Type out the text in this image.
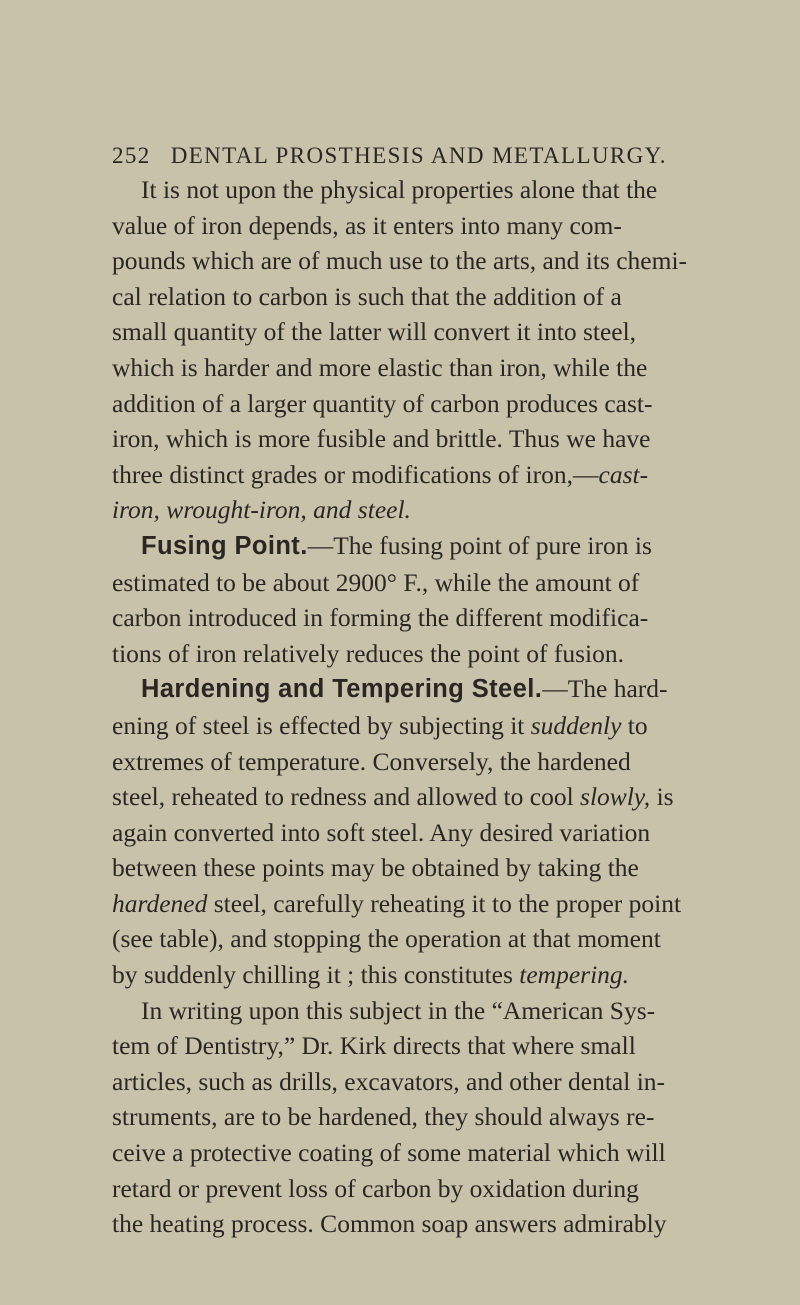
252 DENTAL PROSTHESIS AND METALLURGY.

It is not upon the physical properties alone that the
value of iron depends, as it enters into many com-
pounds which are of much use to the arts, and its chemi-
cal relation to carbon is such that the addition of a
small quantity of the latter will convert it into steel,
which is harder and more elastic than iron, while the
addition of a larger quantity of carbon produces cast-
iron, which is more fusible and brittle. Thus we have
three distinct grades or modifications of iron,—cast-
iron, wrought-iron, and steel.

Fusing Point.—The fusing point of pure iron is
estimated to be about 2900° F., while the amount of
carbon introduced in forming the different modifica-
tions of iron relatively reduces the point of fusion.

Hardening and Tempering Steel.—The hard-
ening of steel is effected by subjecting it suddenly to
extremes of temperature. Conversely, the hardened
steel, reheated to redness and allowed to cool slowly, is
again converted into soft steel. Any desired variation
between these points may be obtained by taking the
hardened steel, carefully reheating it to the proper point
(see table), and stopping the operation at that moment
by suddenly chilling it ; this constitutes tempering.

In writing upon this subject in the “American Sys-
tem of Dentistry,” Dr. Kirk directs that where small
articles, such as drills, excavators, and other dental in-
struments, are to be hardened, they should always re-
ceive a protective coating of some material which will
retard or prevent loss of carbon by oxidation during
the heating process. Common soap answers admirably
